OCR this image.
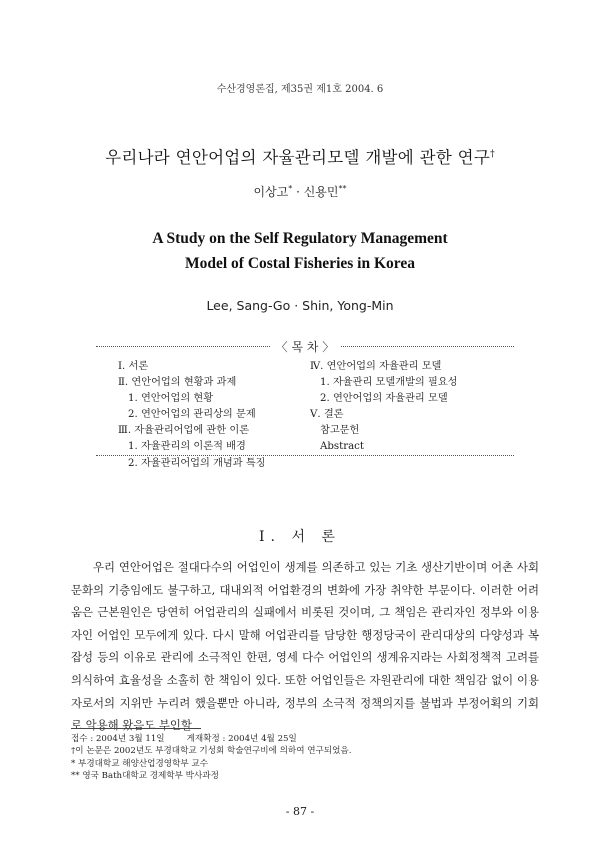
수산경영론집, 제35권 제1호 2004. 6
우리나라 연안어업의 자율관리모델 개발에 관한 연구†
이상고* · 신용민**
A Study on the Self Regulatory Management
Model of Costal Fisheries in Korea
Lee, Sang-Go · Shin, Yong-Min
〈 목 차 〉
Ⅰ. 서론
Ⅱ. 연안어업의 현황과 과제
1. 연안어업의 현황
2. 연안어업의 관리상의 문제
Ⅲ. 자율관리어업에 관한 이론
1. 자율관리의 이론적 배경
2. 자율관리어업의 개념과 특징
Ⅳ. 연안어업의 자율관리 모델
1. 자율관리 모델개발의 필요성
2. 연안어업의 자율관리 모델
Ⅴ. 결론
참고문헌
Abstract
Ⅰ. 서 론

우리 연안어업은 절대다수의 어업인이 생계를 의존하고 있는 기초 생산기반이며 어촌 사회문화의 기층임에도 불구하고, 대내외적 어업환경의 변화에 가장 취약한 부문이다. 이러한 어려움은 근본원인은 당연히 어업관리의 실패에서 비롯된 것이며, 그 책임은 관리자인 정부와 이용자인 어업인 모두에게 있다. 다시 말해 어업관리를 담당한 행정당국이 관리대상의 다양성과 복잡성 등의 이유로 관리에 소극적인 한편, 영세 다수 어업인의 생계유지라는 사회정책적 고려를 의식하여 효율성을 소홀히 한 책임이 있다. 또한 어업인들은 자원관리에 대한 책임감 없이 이용자로서의 지위만 누리려 했을뿐만 아니라, 정부의 소극적 정책의지를 불법과 부정어획의 기회로 악용해 왔음도 부인할

접수 : 2004년 3월 11일	게재확정 : 2004년 4월 25일
†이 논문은 2002년도 부경대학교 기성회 학술연구비에 의하여 연구되었음.
* 부경대학교 해양산업경영학부 교수
** 영국 Bath대학교 경제학부 박사과정
- 87 -
